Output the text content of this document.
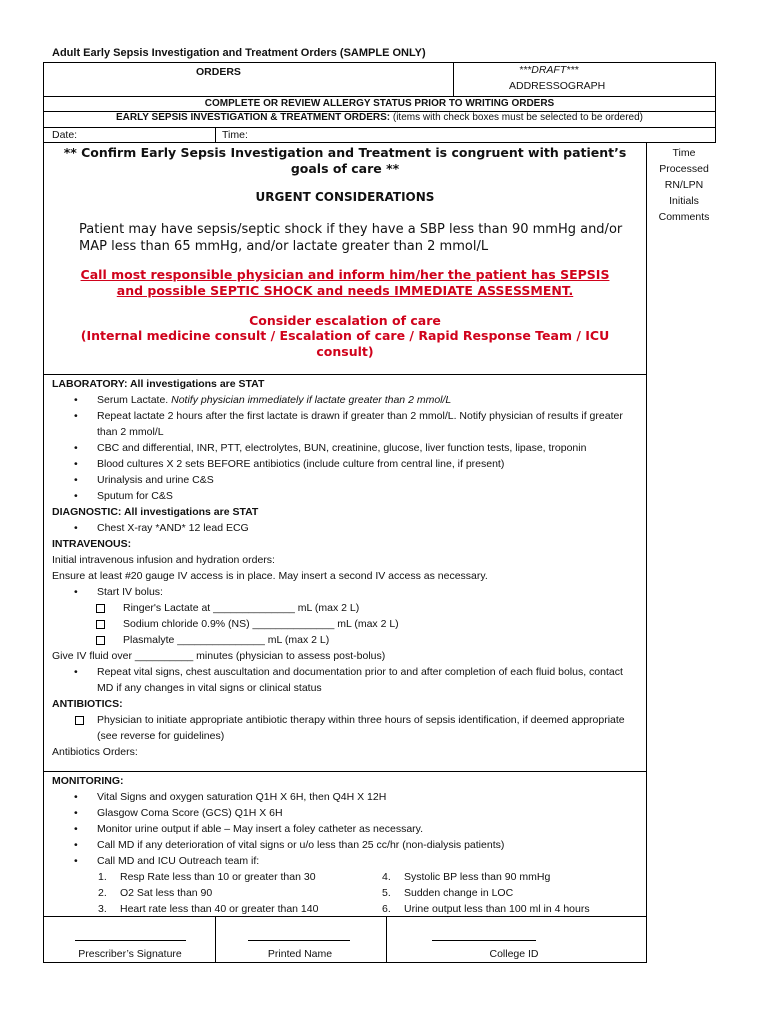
Adult Early Sepsis Investigation and Treatment Orders (SAMPLE ONLY)
ORDERS	***DRAFT***
ADDRESSOGRAPH
COMPLETE OR REVIEW ALLERGY STATUS PRIOR TO WRITING ORDERS
EARLY SEPSIS INVESTIGATION & TREATMENT ORDERS: (items with check boxes must be selected to be ordered)
Date:	Time:
Time
Processed
RN/LPN
Initials
Comments
** Confirm Early Sepsis Investigation and Treatment is congruent with patient’s goals of care **
URGENT CONSIDERATIONS
Patient may have sepsis/septic shock if they have a SBP less than 90 mmHg and/or MAP less than 65 mmHg, and/or lactate greater than 2 mmol/L
Call most responsible physician and inform him/her the patient has SEPSIS and possible SEPTIC SHOCK and needs IMMEDIATE ASSESSMENT.
Consider escalation of care
(Internal medicine consult / Escalation of care / Rapid Response Team / ICU consult)
LABORATORY: All investigations are STAT
• Serum Lactate. Notify physician immediately if lactate greater than 2 mmol/L
• Repeat lactate 2 hours after the first lactate is drawn if greater than 2 mmol/L. Notify physician of results if greater than 2 mmol/L
• CBC and differential, INR, PTT, electrolytes, BUN, creatinine, glucose, liver function tests, lipase, troponin
• Blood cultures X 2 sets BEFORE antibiotics (include culture from central line, if present)
• Urinalysis and urine C&S
• Sputum for C&S
DIAGNOSTIC: All investigations are STAT
• Chest X-ray *AND* 12 lead ECG
INTRAVENOUS:
Initial intravenous infusion and hydration orders:
Ensure at least #20 gauge IV access is in place. May insert a second IV access as necessary.
• Start IV bolus:
Ringer's Lactate at ______________ mL (max 2 L)
Sodium chloride 0.9% (NS) ______________ mL (max 2 L)
Plasmalyte _______________ mL (max 2 L)
Give IV fluid over __________ minutes (physician to assess post-bolus)
• Repeat vital signs, chest auscultation and documentation prior to and after completion of each fluid bolus, contact MD if any changes in vital signs or clinical status
ANTIBIOTICS:
Physician to initiate appropriate antibiotic therapy within three hours of sepsis identification, if deemed appropriate (see reverse for guidelines)
Antibiotics Orders:
MONITORING:
• Vital Signs and oxygen saturation Q1H X 6H, then Q4H X 12H
• Glasgow Coma Score (GCS) Q1H X 6H
• Monitor urine output if able – May insert a foley catheter as necessary.
• Call MD if any deterioration of vital signs or u/o less than 25 cc/hr (non-dialysis patients)
• Call MD and ICU Outreach team if:
1. Resp Rate less than 10 or greater than 30
2. O2 Sat less than 90
3. Heart rate less than 40 or greater than 140
4. Systolic BP less than 90 mmHg
5. Sudden change in LOC
6. Urine output less than 100 ml in 4 hours
Prescriber’s Signature	Printed Name	College ID
